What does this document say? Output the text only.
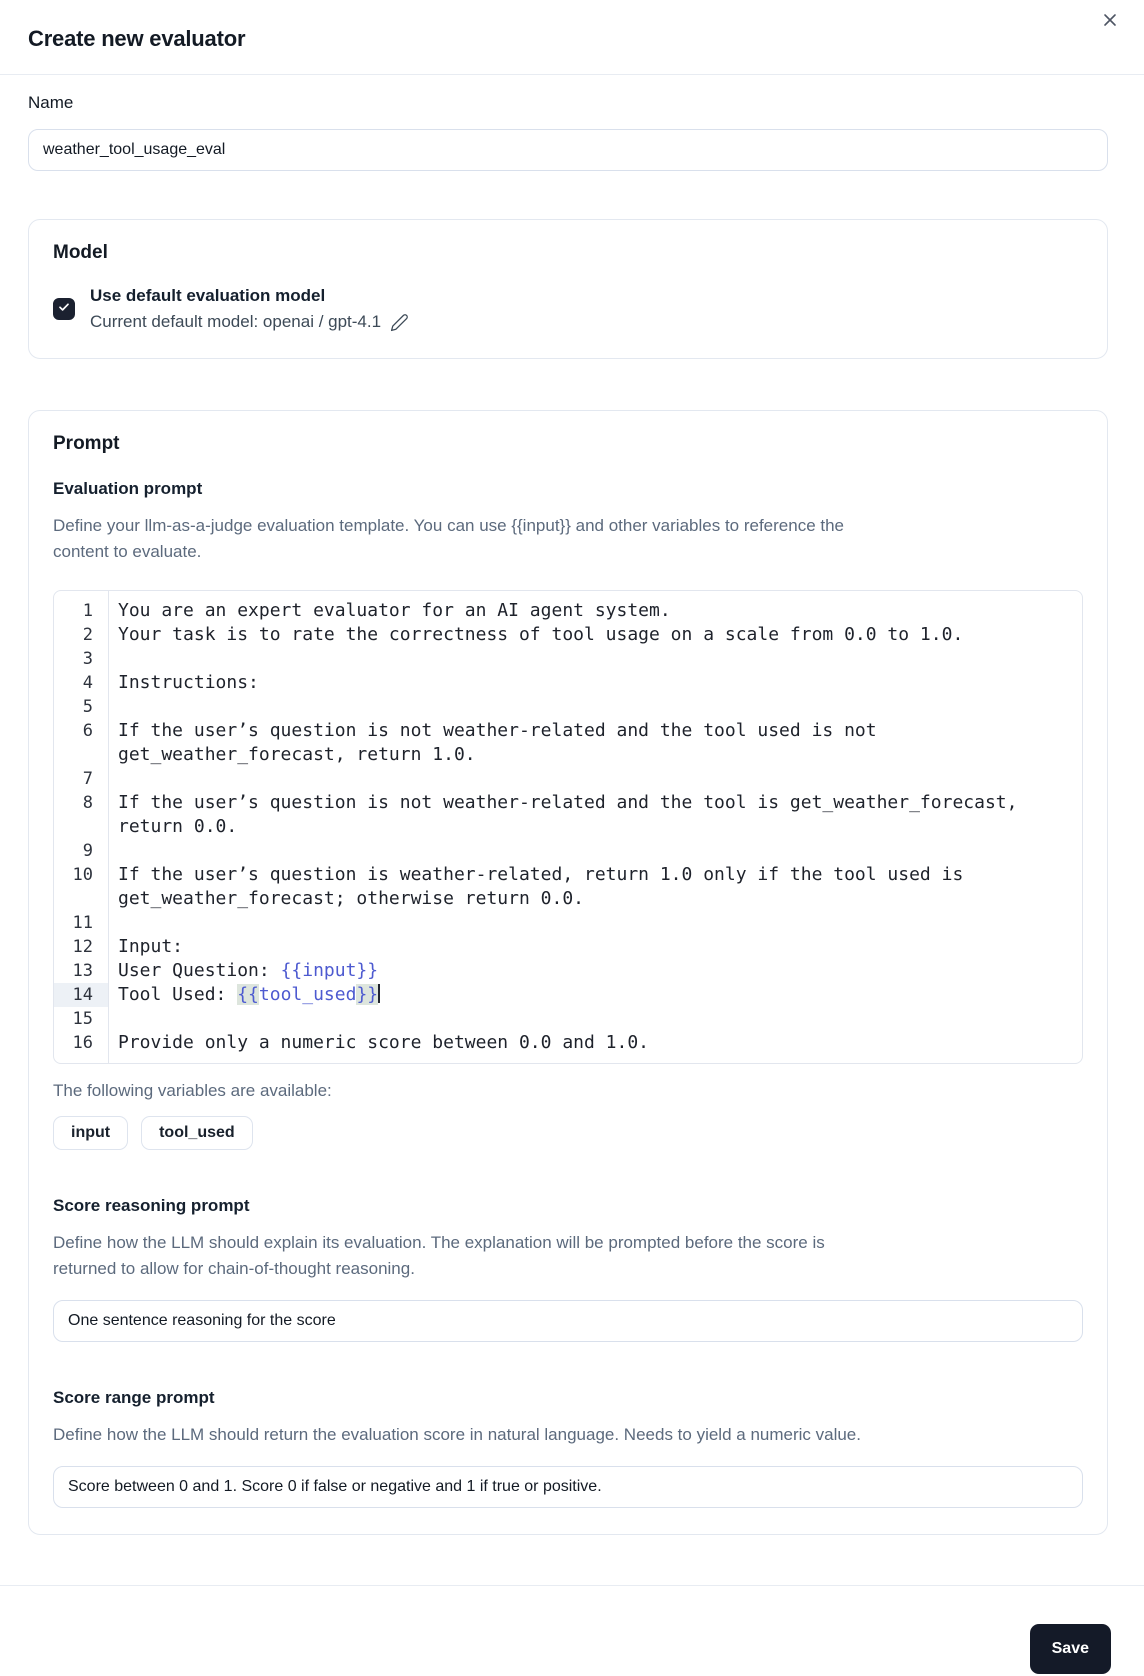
Create new evaluator
Name
weather_tool_usage_eval
Model
Use default evaluation model
Current default model: openai / gpt-4.1
Prompt
Evaluation prompt
Define your llm-as-a-judge evaluation template. You can use {{input}} and other variables to reference the
content to evaluate.
1	You are an expert evaluator for an AI agent system.
2	Your task is to rate the correctness of tool usage on a scale from 0.0 to 1.0.
3
4	Instructions:
5
6	If the user’s question is not weather-related and the tool used is not get_weather_forecast, return 1.0.
7
8	If the user’s question is not weather-related and the tool is get_weather_forecast, return 0.0.
9
10	If the user’s question is weather-related, return 1.0 only if the tool used is get_weather_forecast; otherwise return 0.0.
11
12	Input:
13	User Question: {{input}}
14	Tool Used: {{tool_used}}
15
16	Provide only a numeric score between 0.0 and 1.0.
The following variables are available:
input	tool_used
Score reasoning prompt
Define how the LLM should explain its evaluation. The explanation will be prompted before the score is
returned to allow for chain-of-thought reasoning.
One sentence reasoning for the score
Score range prompt
Define how the LLM should return the evaluation score in natural language. Needs to yield a numeric value.
Score between 0 and 1. Score 0 if false or negative and 1 if true or positive.
Save
